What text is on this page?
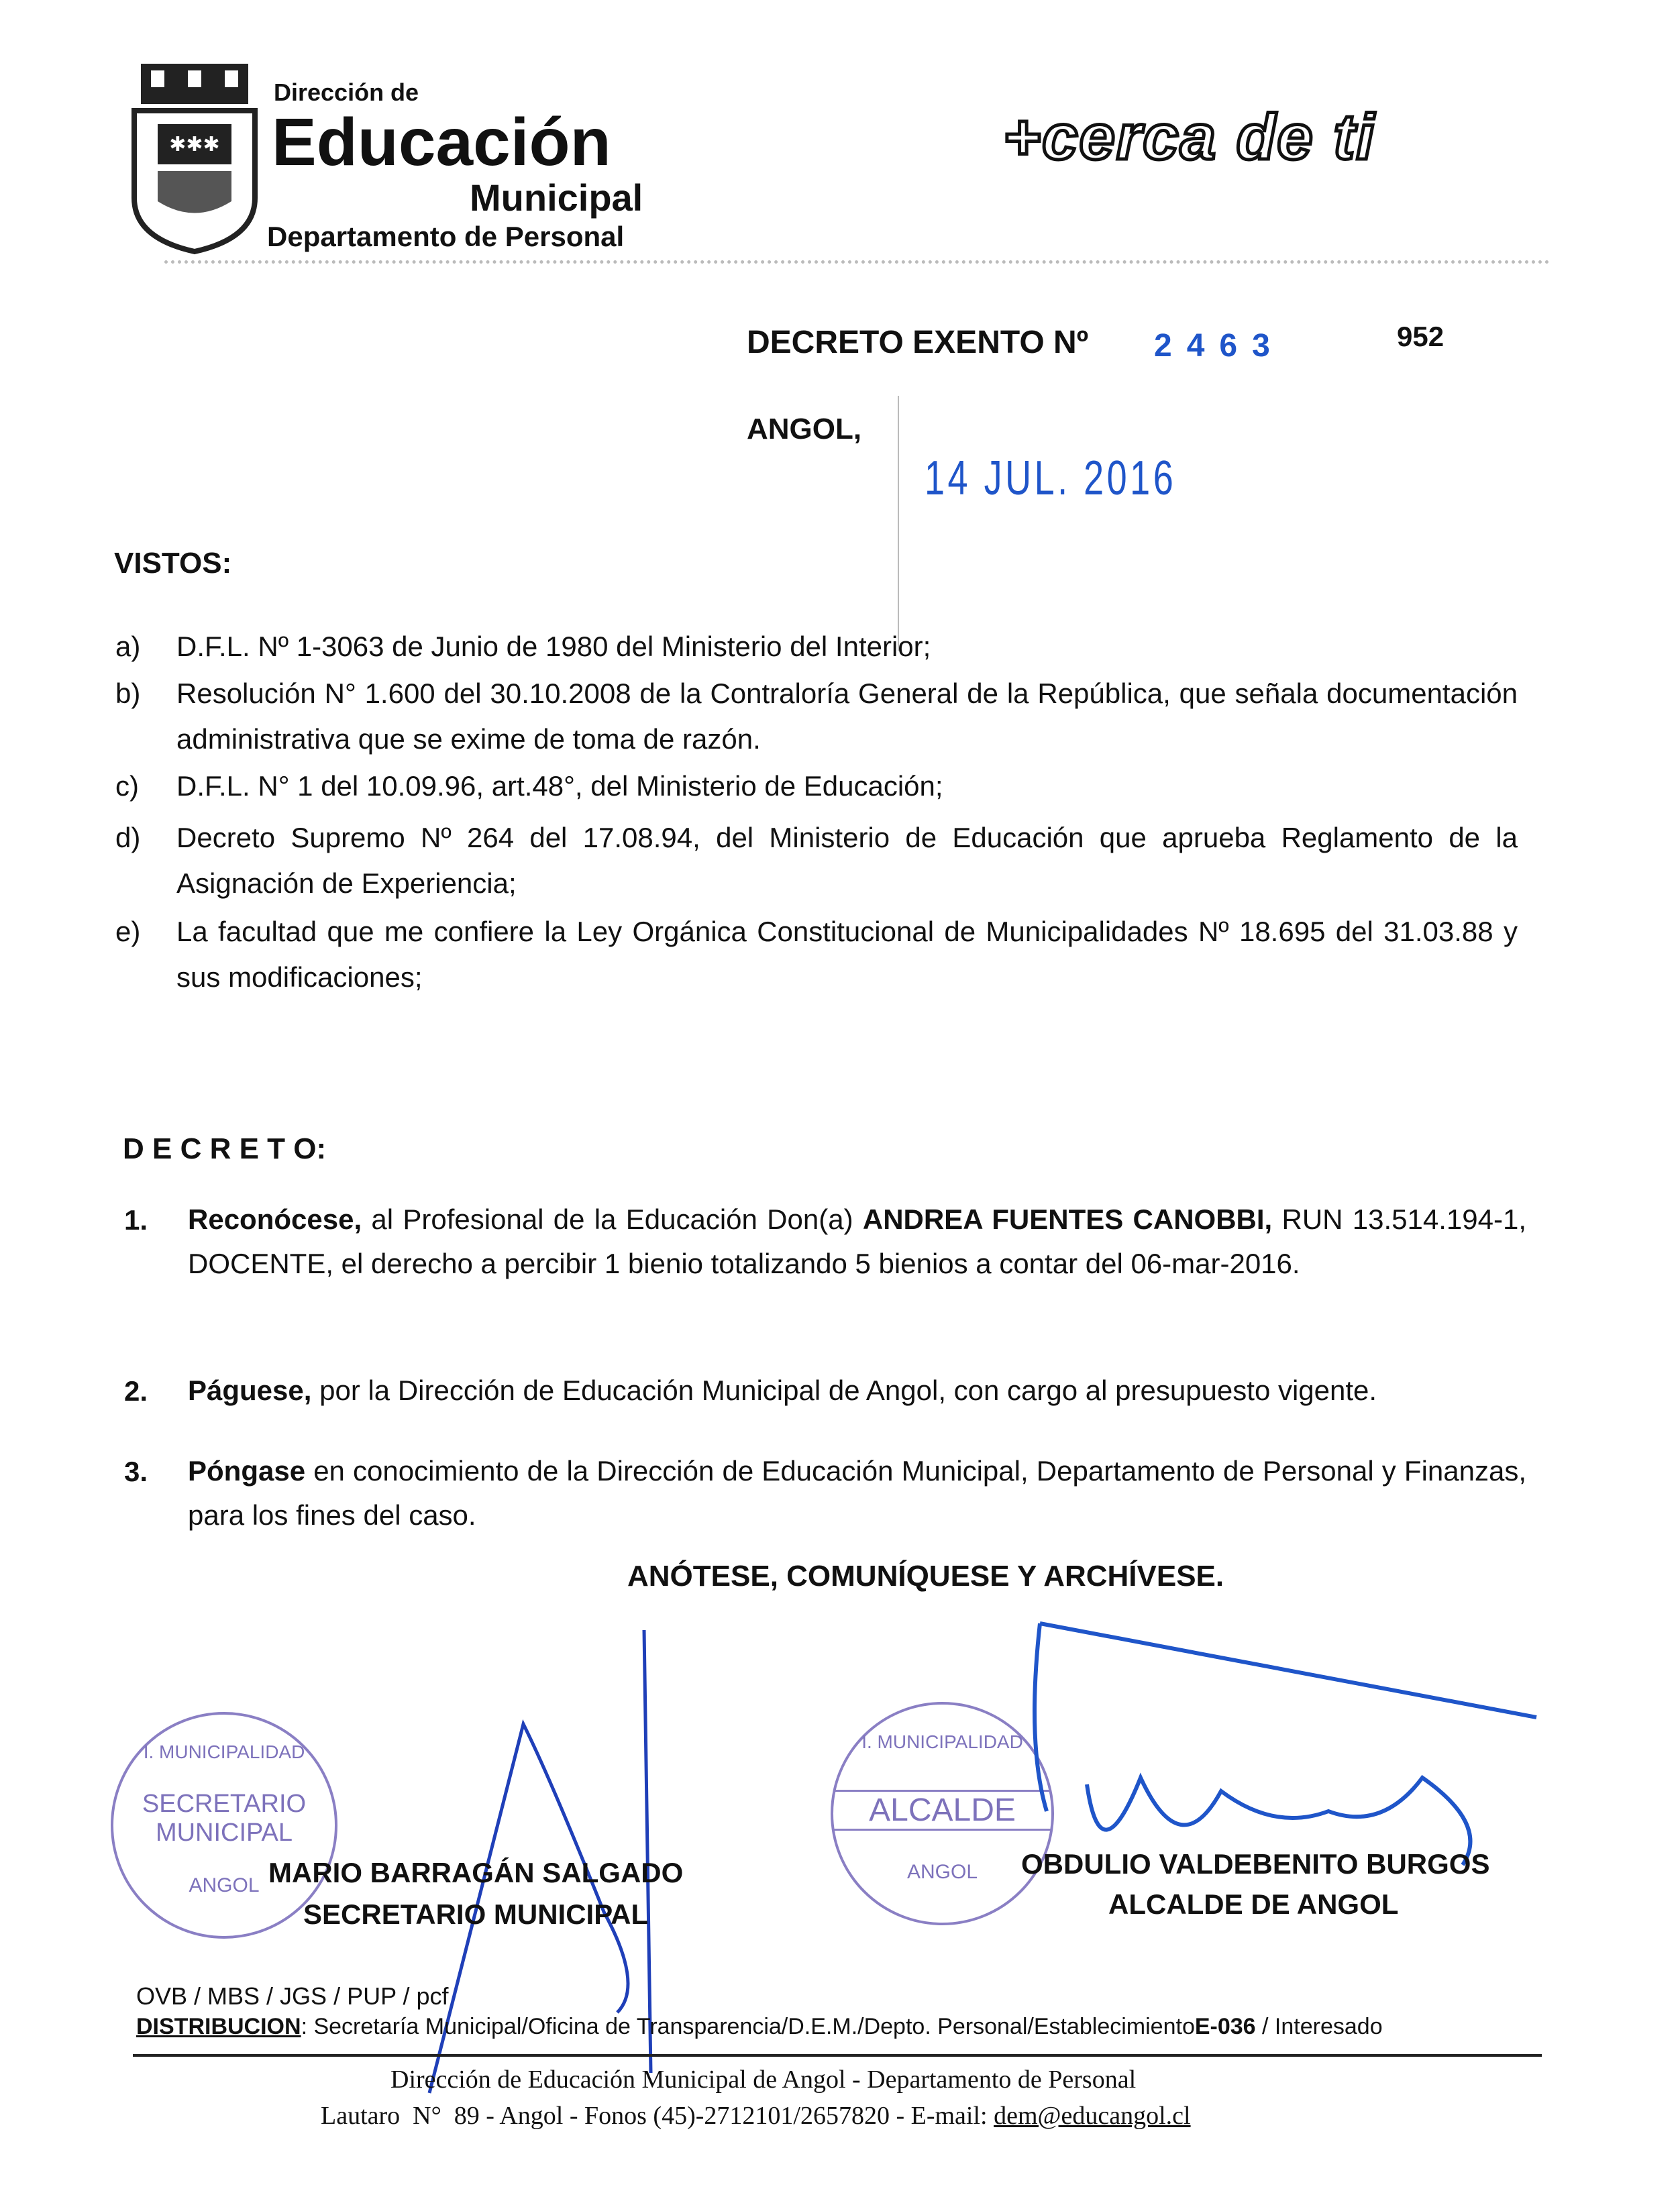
✱✱✱
Dirección de
Educación
Municipal
Departamento de Personal
+cerca de ti
DECRETO EXENTO Nº 2463	952
ANGOL,
14 JUL. 2016
VISTOS:
a) D.F.L. Nº 1-3063 de Junio de 1980 del Ministerio del Interior;
b) Resolución N° 1.600 del 30.10.2008 de la Contraloría General de la República, que señala documentación administrativa que se exime de toma de razón.
c) D.F.L. N° 1 del 10.09.96, art.48°, del Ministerio de Educación;
d) Decreto Supremo Nº 264 del 17.08.94, del Ministerio de Educación que aprueba Reglamento de la Asignación de Experiencia;
e) La facultad que me confiere la Ley Orgánica Constitucional de Municipalidades Nº 18.695 del 31.03.88 y sus modificaciones;
D E C R E T O:
1. Reconócese, al Profesional de la Educación Don(a) ANDREA FUENTES CANOBBI, RUN 13.514.194-1, DOCENTE, el derecho a percibir 1 bienio totalizando 5 bienios a contar del 06-mar-2016.
2. Páguese, por la Dirección de Educación Municipal de Angol, con cargo al presupuesto vigente.
3. Póngase en conocimiento de la Dirección de Educación Municipal, Departamento de Personal y Finanzas, para los fines del caso.
ANÓTESE, COMUNÍQUESE Y ARCHÍVESE.
I. MUNICIPALIDAD
SECRETARIO
MUNICIPAL
ANGOL
I. MUNICIPALIDAD
ALCALDE
ANGOL
MARIO BARRAGÁN SALGADO
SECRETARIO MUNICIPAL
OBDULIO VALDEBENITO BURGOS
ALCALDE DE ANGOL
OVB / MBS / JGS / PUP / pcf
DISTRIBUCION: Secretaría Municipal/Oficina de Transparencia/D.E.M./Depto. Personal/EstablecimientoE-036 / Interesado
Dirección de Educación Municipal de Angol - Departamento de Personal
Lautaro  N°  89 - Angol - Fonos (45)-2712101/2657820 - E-mail: dem@educangol.cl
